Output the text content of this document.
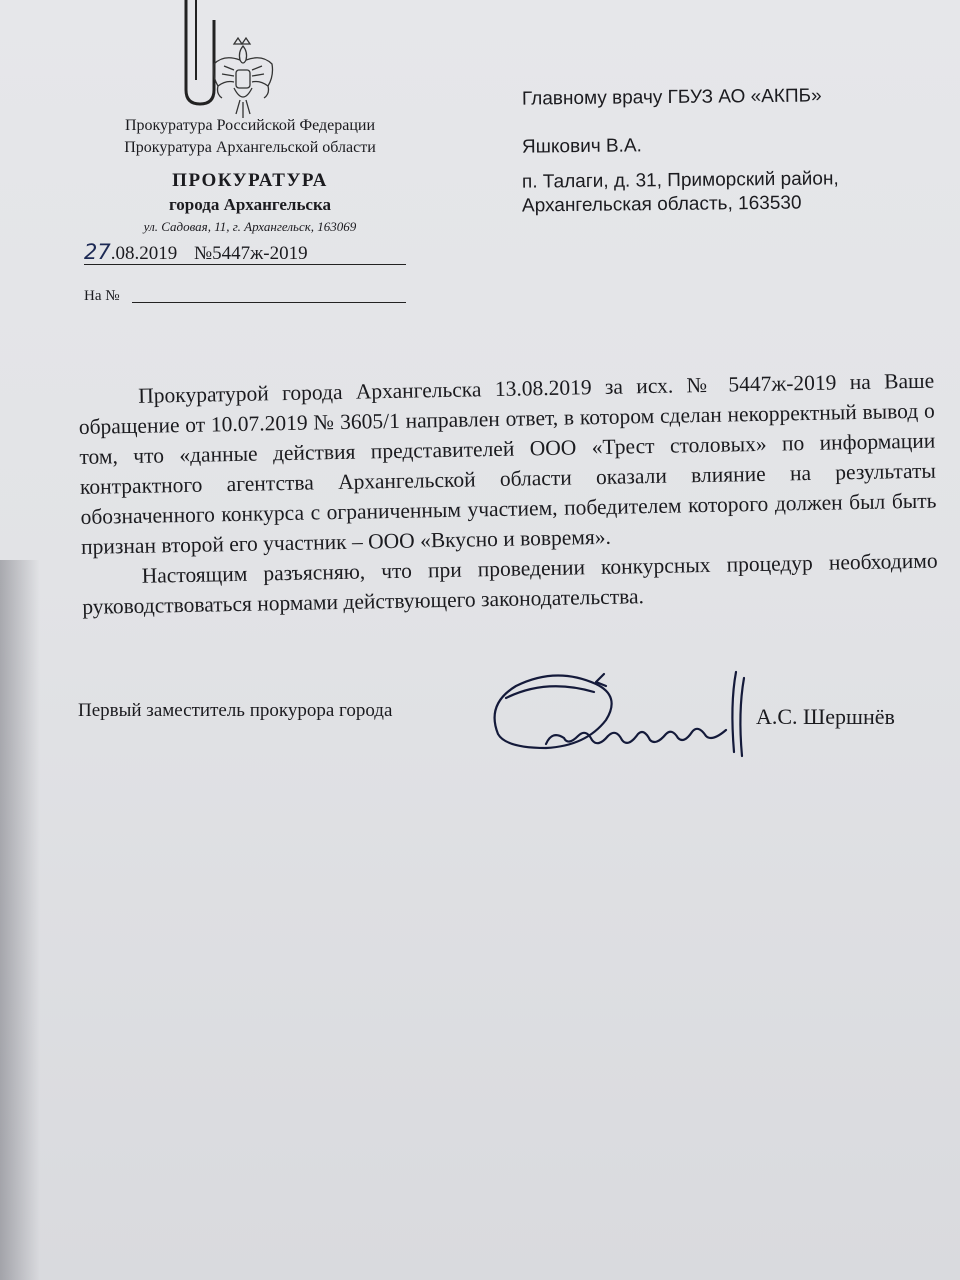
Прокуратура Российской Федерации
Прокуратура Архангельской области
ПРОКУРАТУРА
города Архангельска
ул. Садовая, 11, г. Архангельск, 163069
27.08.2019 №5447ж-2019
На №
Главному врачу ГБУЗ АО «АКПБ»
Яшкович В.А.
п. Талаги, д. 31, Приморский район,
Архангельская область, 163530

Прокуратурой города Архангельска 13.08.2019 за исх. № 5447ж-2019 на Ваше обращение от 10.07.2019 № 3605/1 направлен ответ, в котором сделан некорректный вывод о том, что «данные действия представителей ООО «Трест столовых» по информации контрактного агентства Архангельской области оказали влияние на результаты обозначенного конкурса с ограниченным участием, победителем которого должен был быть признан второй его участник – ООО «Вкусно и вовремя».

Настоящим разъясняю, что при проведении конкурсных процедур необходимо руководствоваться нормами действующего законодательства.

Первый заместитель прокурора города	А.С. Шершнёв
